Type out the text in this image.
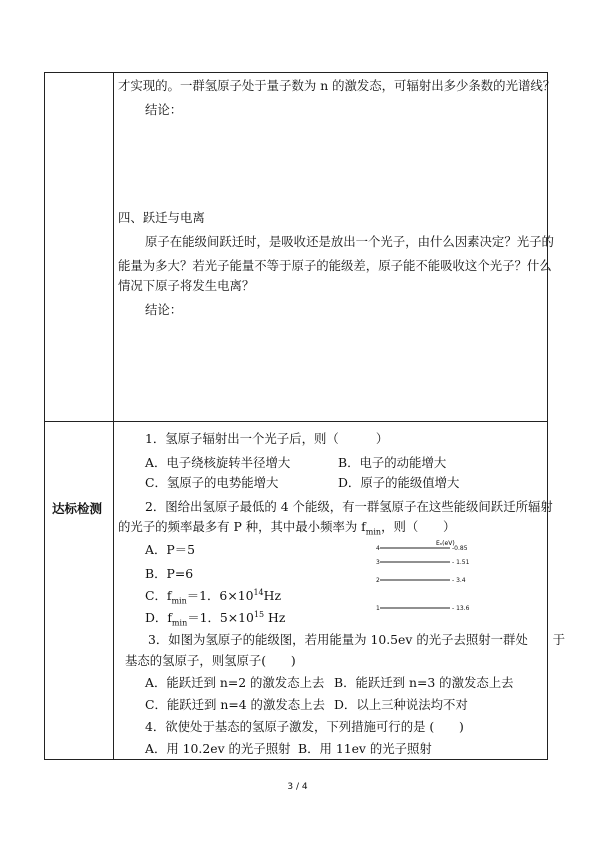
才实现的。一群氢原子处于量子数为 n 的激发态，可辐射出多少条数的光谱线？
结论：
四、跃迁与电离
原子在能级间跃迁时，是吸收还是放出一个光子，由什么因素决定？光子的
能量为多大？若光子能量不等于原子的能级差，原子能不能吸收这个光子？什么
情况下原子将发生电离？
结论：
达标检测
1．氢原子辐射出一个光子后，则（　　　）
A．电子绕核旋转半径增大	B．电子的动能增大
C．氢原子的电势能增大	D．原子的能级值增大
2．图给出氢原子最低的 4 个能级，有一群氢原子在这些能级间跃迁所辐射
的光子的频率最多有 P 种，其中最小频率为 $f_{min}$，则（　　）
A．P＝5
B．P=6
C．$f_{min}=1$．$6\times 10^{14}Hz$
D．$f_{min}=1$．$5\times 10^{15}$ Hz
Eₙ(eV)
4	-0.85
3	- 1.51
2	- 3.4
1	- 13.6
3．如图为氢原子的能级图，若用能量为 10.5ev 的光子去照射一群处　　于
基态的氢原子，则氢原子(　　)
A．能跃迁到 n=2 的激发态上去 B．能跃迁到 n=3 的激发态上去
C．能跃迁到 n=4 的激发态上去 D．以上三种说法均不对
4．欲使处于基态的氢原子激发，下列措施可行的是 (　　)
A．用 10.2ev 的光子照射 B．用 11ev 的光子照射
3 / 4
